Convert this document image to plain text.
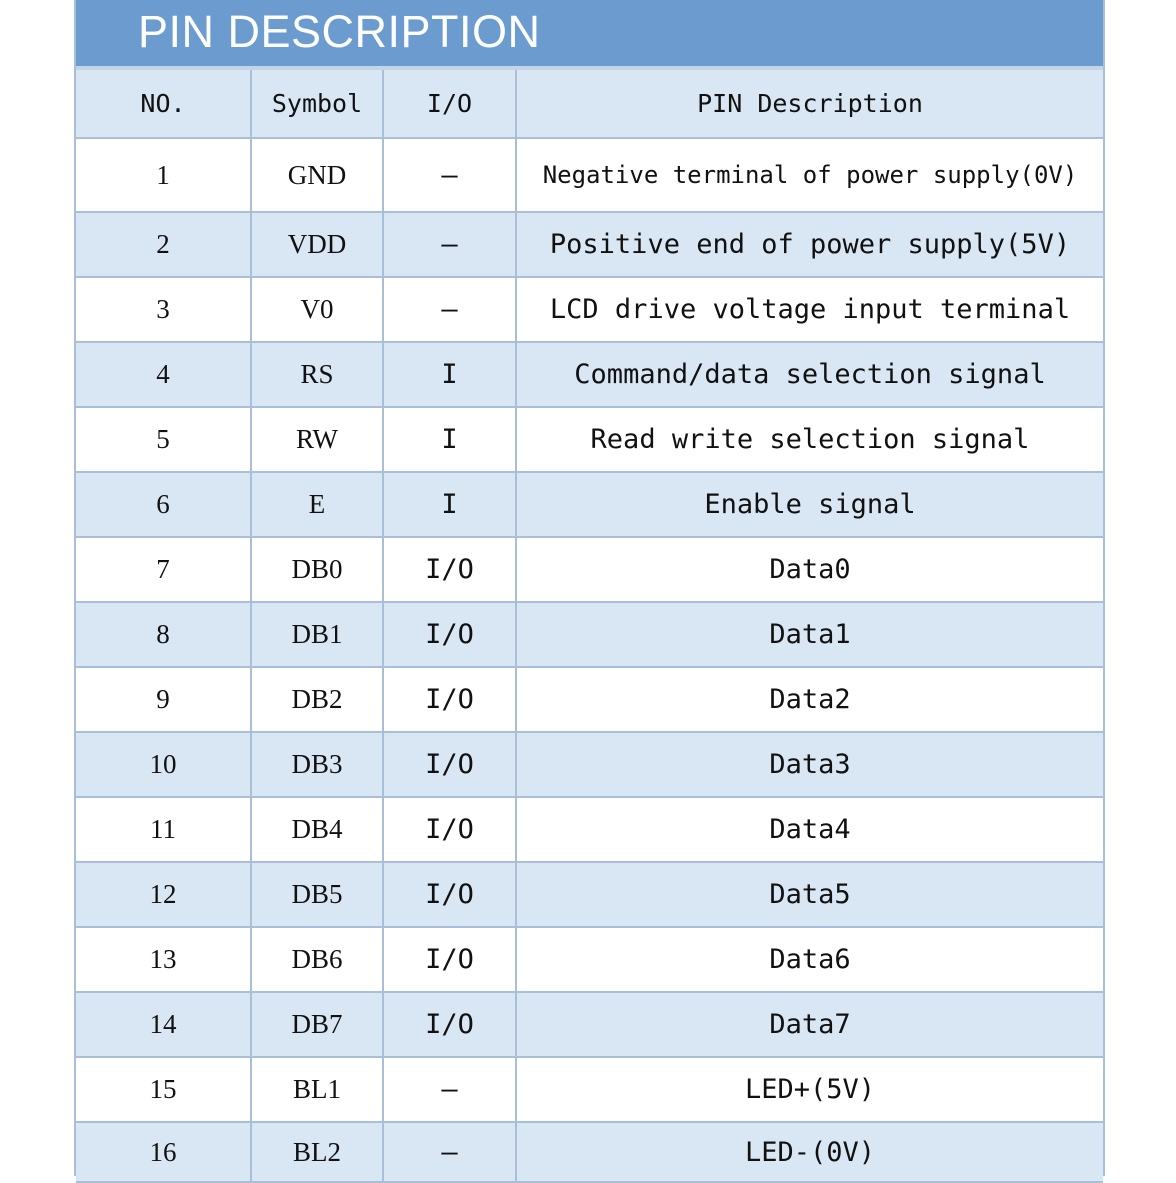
PIN DESCRIPTION
NO.	Symbol	I/O	PIN Description
1	GND	—	Negative terminal of power supply(0V)
2	VDD	—	Positive end of power supply(5V)
3	V0	—	LCD drive voltage input terminal
4	RS	I	Command/data selection signal
5	RW	I	Read write selection signal
6	E	I	Enable signal
7	DB0	I/O	Data0
8	DB1	I/O	Data1
9	DB2	I/O	Data2
10	DB3	I/O	Data3
11	DB4	I/O	Data4
12	DB5	I/O	Data5
13	DB6	I/O	Data6
14	DB7	I/O	Data7
15	BL1	—	LED+(5V)
16	BL2	—	LED-(0V)
